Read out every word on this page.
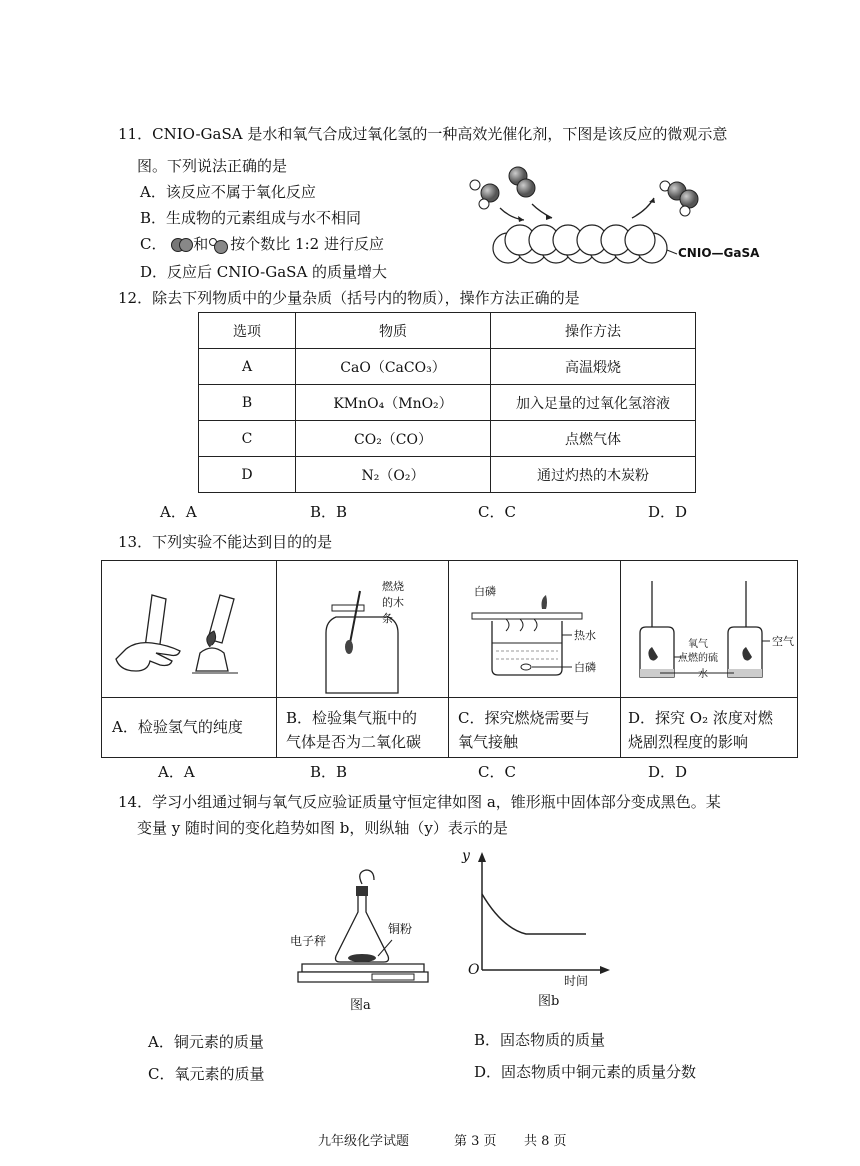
11．CNIO-GaSA 是水和氧气合成过氧化氢的一种高效光催化剂，下图是该反应的微观示意
图。下列说法正确的是
A．该反应不属于氧化反应
B．生成物的元素组成与水不相同
C． 和 按个数比 1:2 进行反应
D．反应后 CNIO-GaSA 的质量增大
CNIO—GaSA
12．除去下列物质中的少量杂质（括号内的物质），操作方法正确的是
选项	物质	操作方法
A	CaO（CaCO₃）	高温煅烧
B	KMnO₄（MnO₂）	加入足量的过氧化氢溶液
C	CO₂（CO）	点燃气体
D	N₂（O₂）	通过灼热的木炭粉
A．A	B．B	C．C	D．D
13．下列实验不能达到目的的是
燃烧
的木
条
白磷
热水
白磷
氧气
点燃的硫
水
空气
A．检验氢气的纯度	B．检验集气瓶中的
气体是否为二氧化碳
C．探究燃烧需要与
氧气接触
D．探究 O₂ 浓度对燃
烧剧烈程度的影响
A．A	B．B	C．C	D．D
14．学习小组通过铜与氧气反应验证质量守恒定律如图 a，锥形瓶中固体部分变成黑色。某
变量 y 随时间的变化趋势如图 b，则纵轴（y）表示的是
电子秤
铜粉
图a
y
O
时间
图b
A．铜元素的质量	B．固态物质的质量
C．氧元素的质量	D．固态物质中铜元素的质量分数
九年级化学试题	第 3 页 共 8 页
